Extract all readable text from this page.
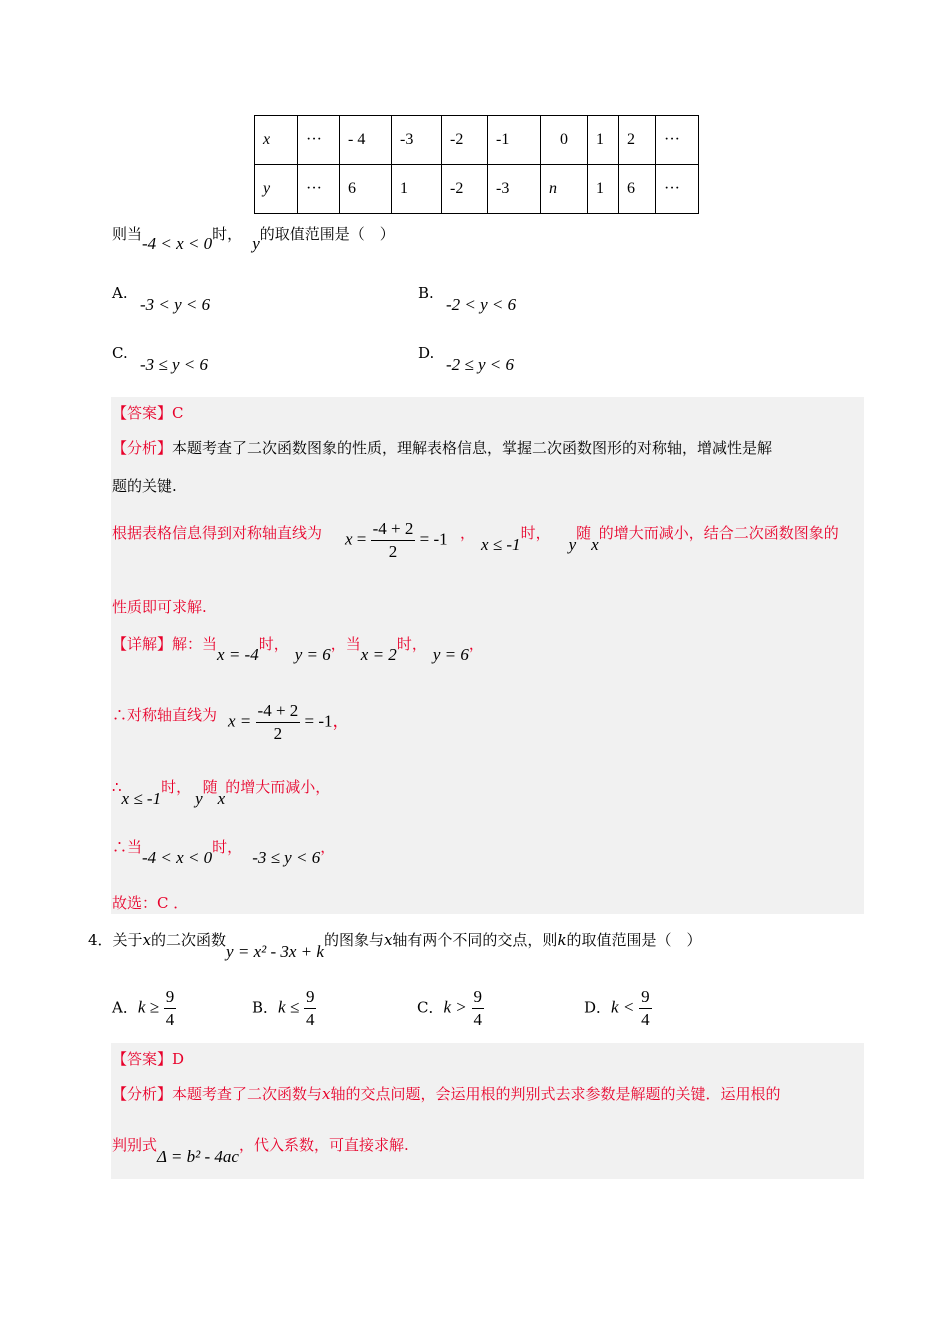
x	···	- 4	-3	-2	-1	0	1	2	···
y	···	6	1	-2	-3	n	1	6	···
则当-4 < x < 0时， y的取值范围是（　）
A.
-3 < y < 6
B.
-2 < y < 6
C.
-3 ≤ y < 6
D.
-2 ≤ y < 6
【答案】C
【分析】本题考查了二次函数图象的性质，理解表格信息，掌握二次函数图形的对称轴，增减性是解
题的关键.
根据表格信息得到对称轴直线为 $x = \frac{-4 + 2}{2} = -1$ ，x ≤ -1时，y随x的增大而减小，结合二次函数图象的
性质即可求解.
【详解】解：当x = -4时，y = 6，当x = 2时，y = 6，
∴对称轴直线为 $x = \frac{-4 + 2}{2} = -1$，
∴x ≤ -1时，y随x的增大而减小，
∴当-4 < x < 0时，-3 ≤ y < 6，
故选：C ．
4．关于x的二次函数y = x² - 3x + k的图象与x轴有两个不同的交点，则k的取值范围是（　）
A．$k \ge \frac{9}{4}$	B．$k \le \frac{9}{4}$	C．$k > \frac{9}{4}$	D．$k < \frac{9}{4}$
【答案】D
【分析】本题考查了二次函数与x轴的交点问题，会运用根的判别式去求参数是解题的关键．运用根的
判别式Δ = b² - 4ac，代入系数，可直接求解.
